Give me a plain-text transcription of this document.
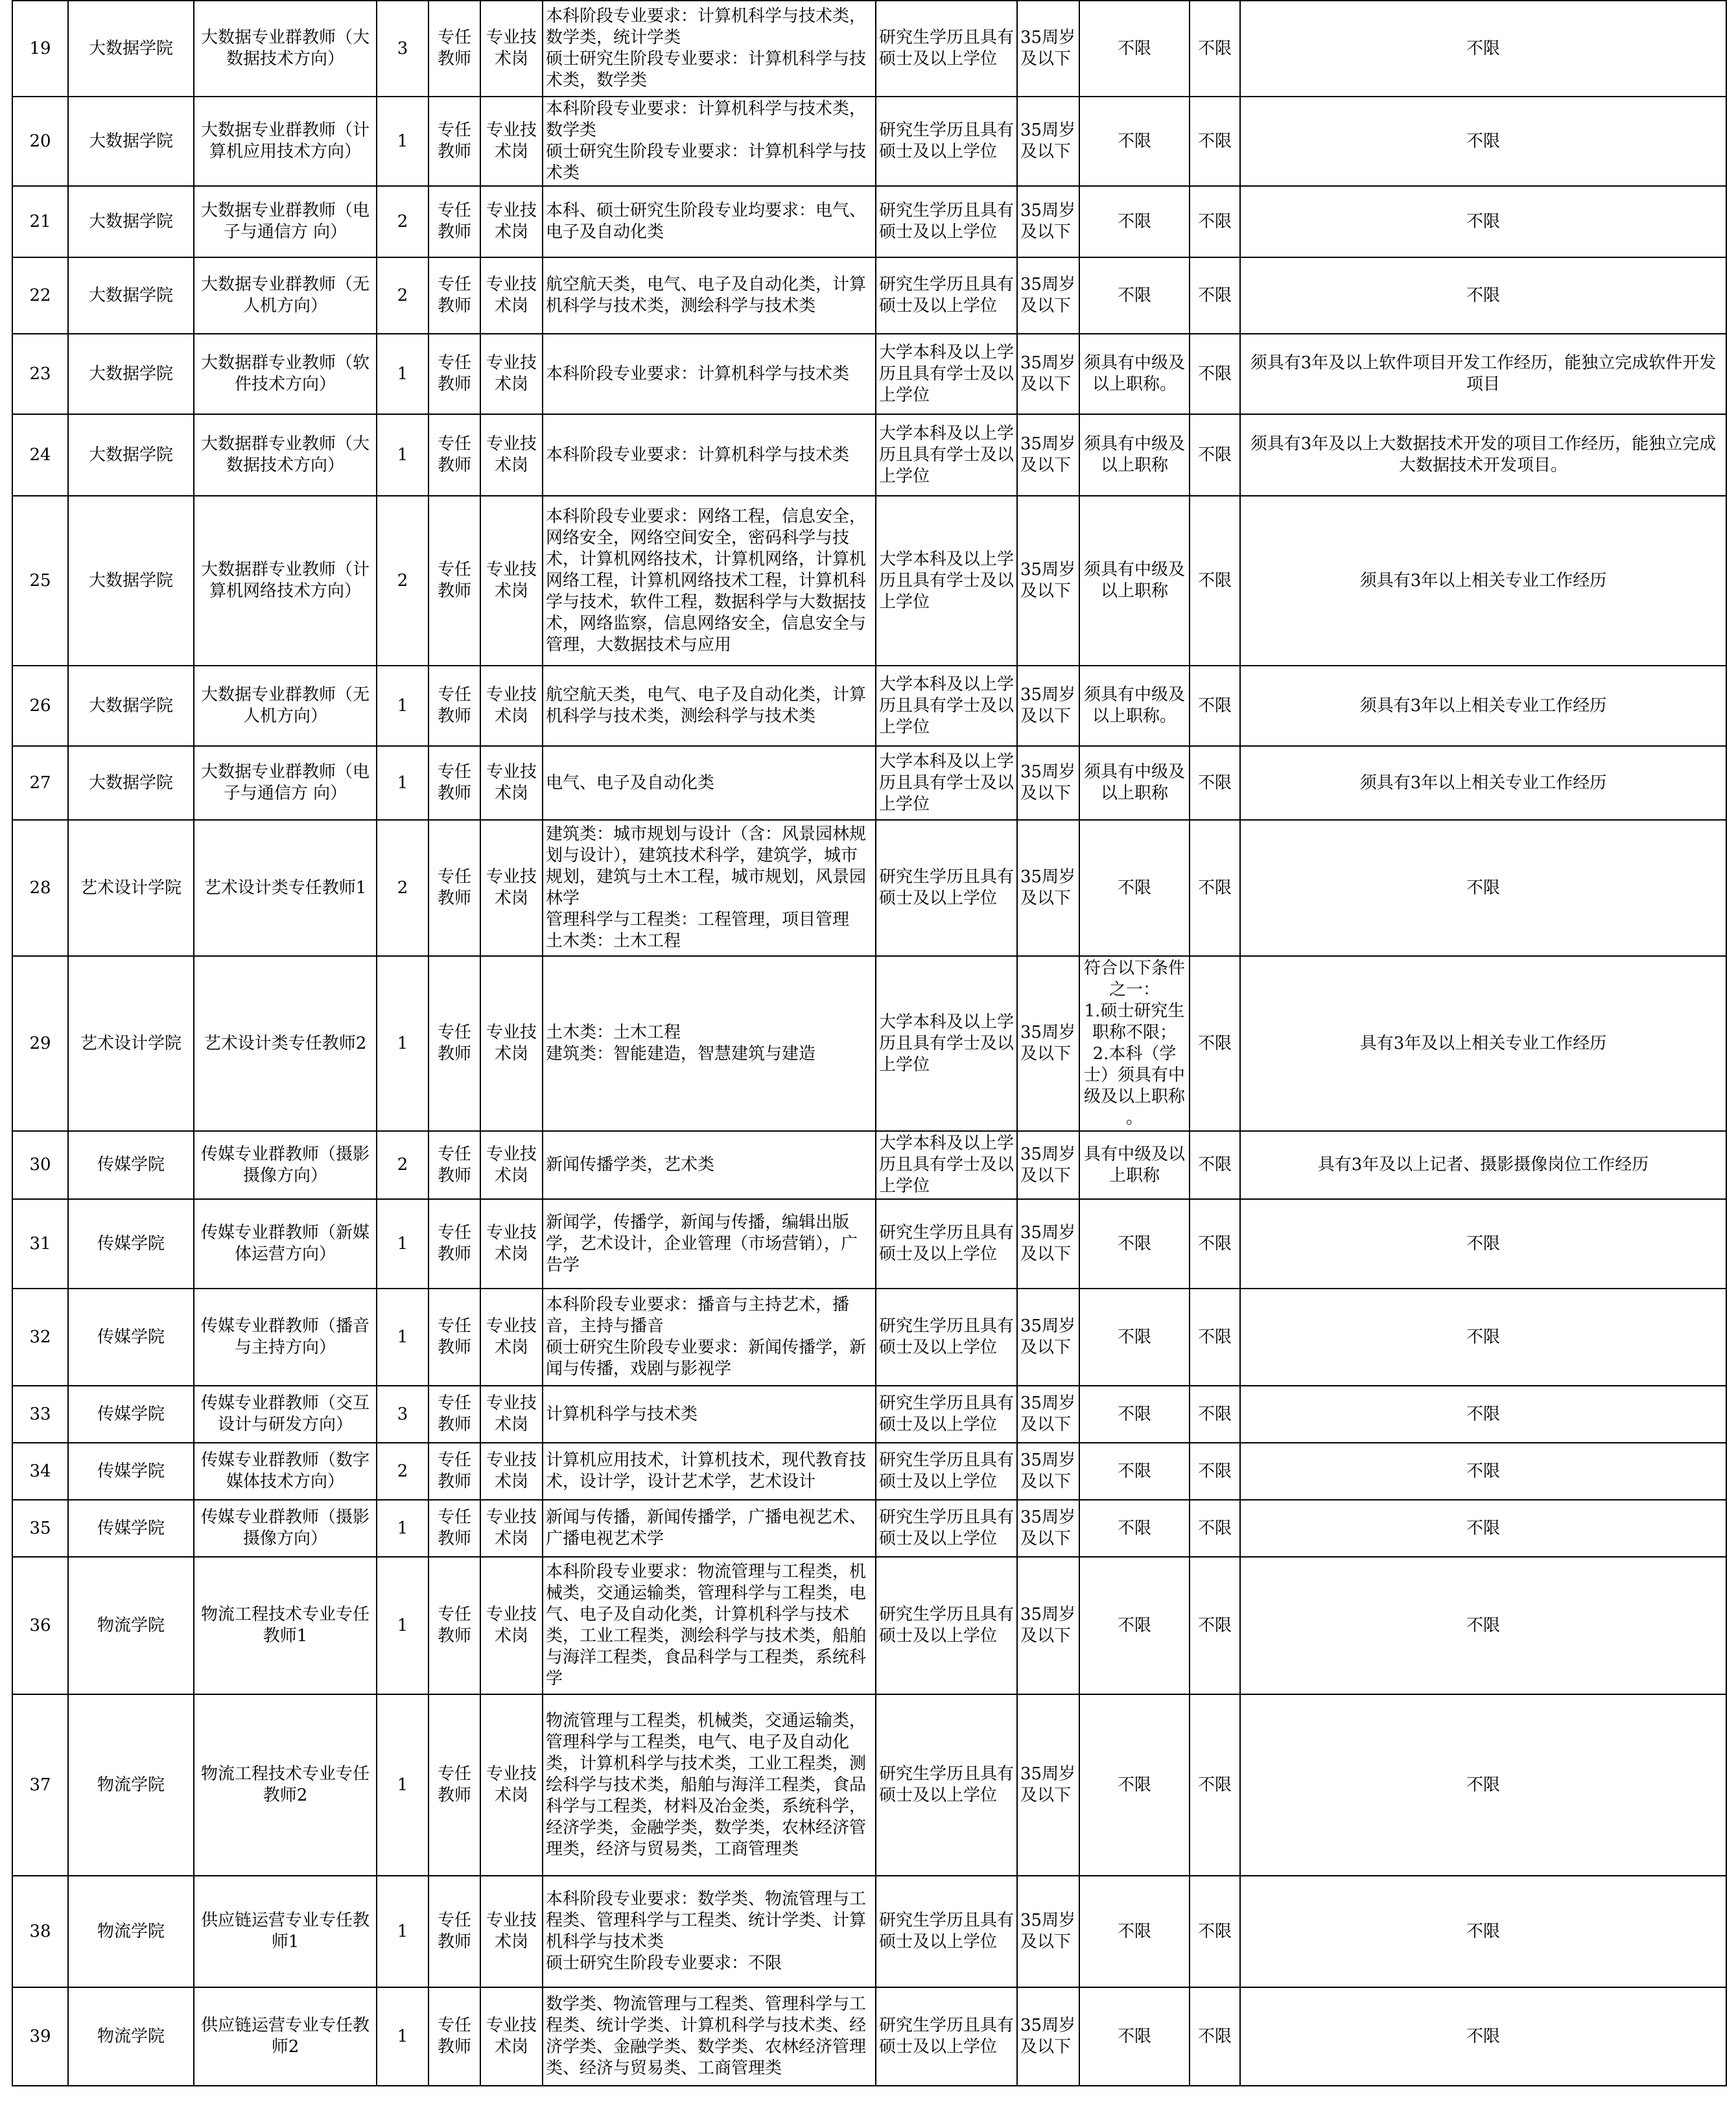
19	大数据学院	大数据专业群教师（大数据技术方向）	3	专任教师	专业技术岗	本科阶段专业要求：计算机科学与技术类，数学类，统计学类
硕士研究生阶段专业要求：计算机科学与技术类，数学类	研究生学历且具有硕士及以上学位	35周岁及以下	不限	不限	不限
20	大数据学院	大数据专业群教师（计算机应用技术方向）	1	专任教师	专业技术岗	本科阶段专业要求：计算机科学与技术类，数学类
硕士研究生阶段专业要求：计算机科学与技术类	研究生学历且具有硕士及以上学位	35周岁及以下	不限	不限	不限
21	大数据学院	大数据专业群教师（电子与通信方 向）	2	专任教师	专业技术岗	本科、硕士研究生阶段专业均要求：电气、电子及自动化类	研究生学历且具有硕士及以上学位	35周岁及以下	不限	不限	不限
22	大数据学院	大数据专业群教师（无人机方向）	2	专任教师	专业技术岗	航空航天类，电气、电子及自动化类，计算机科学与技术类，测绘科学与技术类	研究生学历且具有硕士及以上学位	35周岁及以下	不限	不限	不限
23	大数据学院	大数据群专业教师（软件技术方向）	1	专任教师	专业技术岗	本科阶段专业要求：计算机科学与技术类	大学本科及以上学历且具有学士及以上学位	35周岁及以下	须具有中级及以上职称。	不限	须具有3年及以上软件项目开发工作经历，能独立完成软件开发项目
24	大数据学院	大数据群专业教师（大数据技术方向）	1	专任教师	专业技术岗	本科阶段专业要求：计算机科学与技术类	大学本科及以上学历且具有学士及以上学位	35周岁及以下	须具有中级及以上职称	不限	须具有3年及以上大数据技术开发的项目工作经历，能独立完成大数据技术开发项目。
25	大数据学院	大数据群专业教师（计算机网络技术方向）	2	专任教师	专业技术岗	本科阶段专业要求：网络工程，信息安全，网络安全，网络空间安全，密码科学与技术，计算机网络技术，计算机网络，计算机网络工程，计算机网络技术工程，计算机科学与技术，软件工程，数据科学与大数据技术，网络监察，信息网络安全，信息安全与管理，大数据技术与应用	大学本科及以上学历且具有学士及以上学位	35周岁及以下	须具有中级及以上职称	不限	须具有3年以上相关专业工作经历
26	大数据学院	大数据专业群教师（无人机方向）	1	专任教师	专业技术岗	航空航天类，电气、电子及自动化类，计算机科学与技术类，测绘科学与技术类	大学本科及以上学历且具有学士及以上学位	35周岁及以下	须具有中级及以上职称。	不限	须具有3年以上相关专业工作经历
27	大数据学院	大数据专业群教师（电子与通信方 向）	1	专任教师	专业技术岗	电气、电子及自动化类	大学本科及以上学历且具有学士及以上学位	35周岁及以下	须具有中级及以上职称	不限	须具有3年以上相关专业工作经历
28	艺术设计学院	艺术设计类专任教师1	2	专任教师	专业技术岗	建筑类：城市规划与设计（含：风景园林规划与设计），建筑技术科学，建筑学，城市规划，建筑与土木工程，城市规划，风景园林学
管理科学与工程类：工程管理，项目管理
土木类：土木工程	研究生学历且具有硕士及以上学位	35周岁及以下	不限	不限	不限
29	艺术设计学院	艺术设计类专任教师2	1	专任教师	专业技术岗	土木类：土木工程
建筑类：智能建造，智慧建筑与建造	大学本科及以上学历且具有学士及以上学位	35周岁及以下	符合以下条件之一：
1.硕士研究生职称不限；
2.本科（学士）须具有中级及以上职称
。	不限	具有3年及以上相关专业工作经历
30	传媒学院	传媒专业群教师（摄影摄像方向）	2	专任教师	专业技术岗	新闻传播学类，艺术类	大学本科及以上学历且具有学士及以上学位	35周岁及以下	具有中级及以上职称	不限	具有3年及以上记者、摄影摄像岗位工作经历
31	传媒学院	传媒专业群教师（新媒体运营方向）	1	专任教师	专业技术岗	新闻学，传播学，新闻与传播，编辑出版学，艺术设计，企业管理（市场营销），广告学	研究生学历且具有硕士及以上学位	35周岁及以下	不限	不限	不限
32	传媒学院	传媒专业群教师（播音与主持方向）	1	专任教师	专业技术岗	本科阶段专业要求：播音与主持艺术，播音，主持与播音
硕士研究生阶段专业要求：新闻传播学，新闻与传播，戏剧与影视学	研究生学历且具有硕士及以上学位	35周岁及以下	不限	不限	不限
33	传媒学院	传媒专业群教师（交互设计与研发方向）	3	专任教师	专业技术岗	计算机科学与技术类	研究生学历且具有硕士及以上学位	35周岁及以下	不限	不限	不限
34	传媒学院	传媒专业群教师（数字媒体技术方向）	2	专任教师	专业技术岗	计算机应用技术，计算机技术，现代教育技术，设计学，设计艺术学，艺术设计	研究生学历且具有硕士及以上学位	35周岁及以下	不限	不限	不限
35	传媒学院	传媒专业群教师（摄影摄像方向）	1	专任教师	专业技术岗	新闻与传播，新闻传播学，广播电视艺术、广播电视艺术学	研究生学历且具有硕士及以上学位	35周岁及以下	不限	不限	不限
36	物流学院	物流工程技术专业专任教师1	1	专任教师	专业技术岗	本科阶段专业要求：物流管理与工程类，机械类，交通运输类，管理科学与工程类，电气、电子及自动化类，计算机科学与技术类，工业工程类，测绘科学与技术类，船舶与海洋工程类，食品科学与工程类，系统科学	研究生学历且具有硕士及以上学位	35周岁及以下	不限	不限	不限
37	物流学院	物流工程技术专业专任教师2	1	专任教师	专业技术岗	物流管理与工程类，机械类，交通运输类，管理科学与工程类，电气、电子及自动化类，计算机科学与技术类，工业工程类，测绘科学与技术类，船舶与海洋工程类，食品科学与工程类，材料及冶金类，系统科学，经济学类，金融学类，数学类，农林经济管理类，经济与贸易类，工商管理类	研究生学历且具有硕士及以上学位	35周岁及以下	不限	不限	不限
38	物流学院	供应链运营专业专任教师1	1	专任教师	专业技术岗	本科阶段专业要求：数学类、物流管理与工程类、管理科学与工程类、统计学类、计算机科学与技术类
硕士研究生阶段专业要求：不限	研究生学历且具有硕士及以上学位	35周岁及以下	不限	不限	不限
39	物流学院	供应链运营专业专任教师2	1	专任教师	专业技术岗	数学类、物流管理与工程类、管理科学与工程类、统计学类、计算机科学与技术类、经济学类、金融学类、数学类、农林经济管理类、经济与贸易类、工商管理类	研究生学历且具有硕士及以上学位	35周岁及以下	不限	不限	不限
